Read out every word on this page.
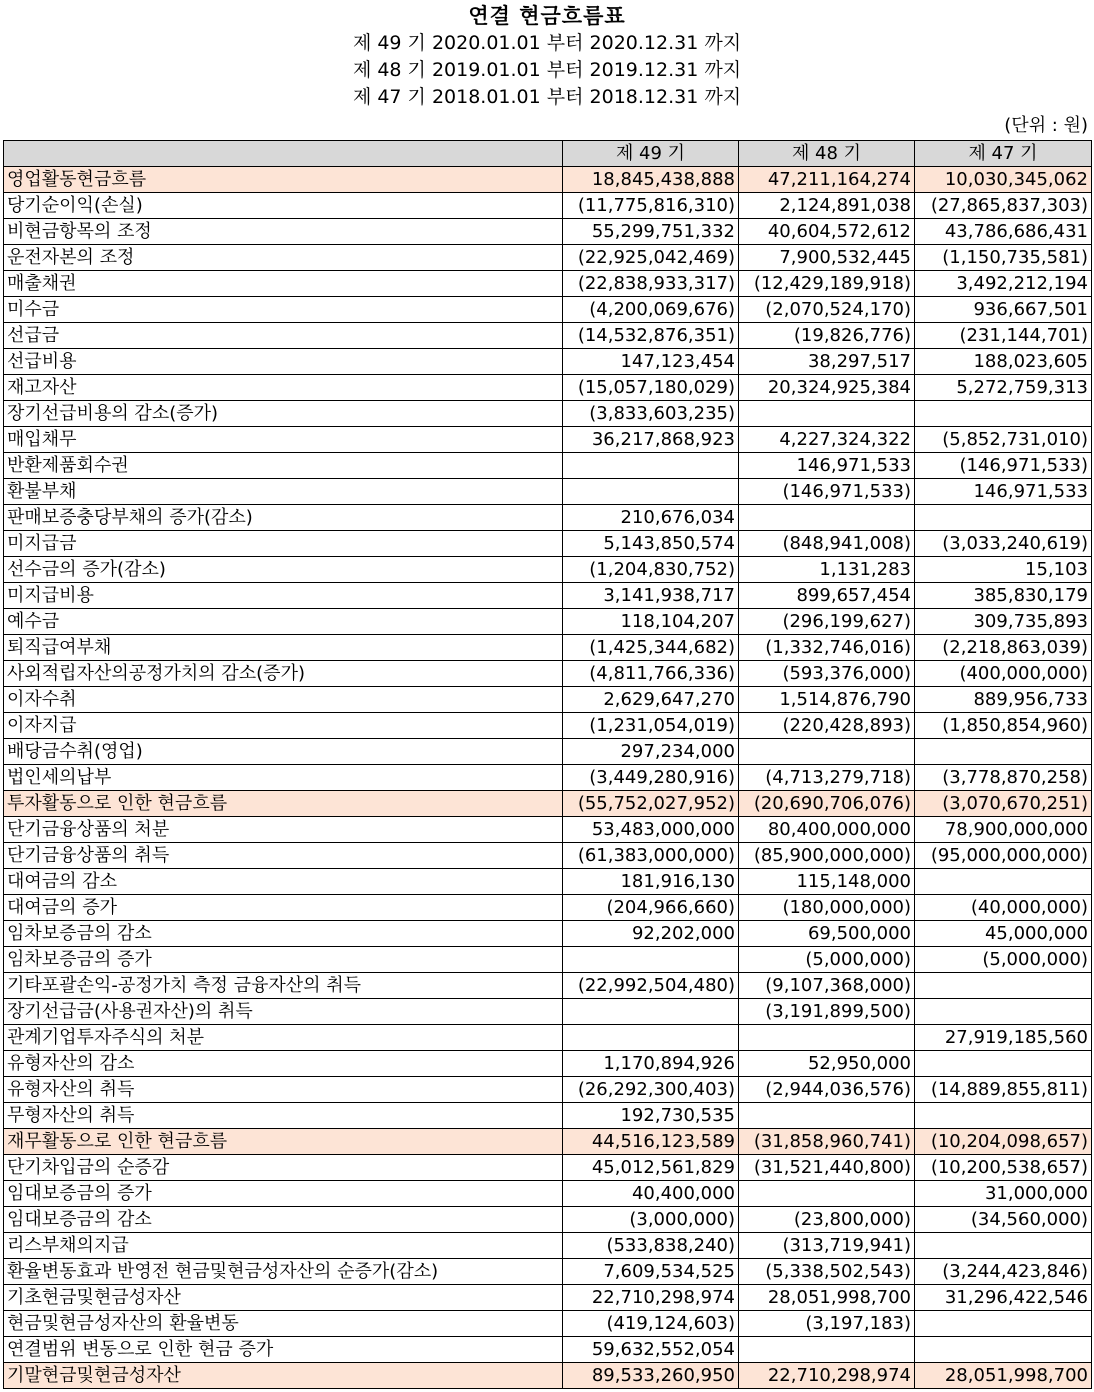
연결 현금흐름표
제 49 기 2020.01.01 부터 2020.12.31 까지
제 48 기 2019.01.01 부터 2019.12.31 까지
제 47 기 2018.01.01 부터 2018.12.31 까지
(단위 : 원)
	제 49 기	제 48 기	제 47 기
영업활동현금흐름	18,845,438,888	47,211,164,274	10,030,345,062
당기순이익(손실)	(11,775,816,310)	2,124,891,038	(27,865,837,303)
비현금항목의 조정	55,299,751,332	40,604,572,612	43,786,686,431
운전자본의 조정	(22,925,042,469)	7,900,532,445	(1,150,735,581)
매출채권	(22,838,933,317)	(12,429,189,918)	3,492,212,194
미수금	(4,200,069,676)	(2,070,524,170)	936,667,501
선급금	(14,532,876,351)	(19,826,776)	(231,144,701)
선급비용	147,123,454	38,297,517	188,023,605
재고자산	(15,057,180,029)	20,324,925,384	5,272,759,313
장기선급비용의 감소(증가)	(3,833,603,235)		
매입채무	36,217,868,923	4,227,324,322	(5,852,731,010)
반환제품회수권		146,971,533	(146,971,533)
환불부채		(146,971,533)	146,971,533
판매보증충당부채의 증가(감소)	210,676,034		
미지급금	5,143,850,574	(848,941,008)	(3,033,240,619)
선수금의 증가(감소)	(1,204,830,752)	1,131,283	15,103
미지급비용	3,141,938,717	899,657,454	385,830,179
예수금	118,104,207	(296,199,627)	309,735,893
퇴직급여부채	(1,425,344,682)	(1,332,746,016)	(2,218,863,039)
사외적립자산의공정가치의 감소(증가)	(4,811,766,336)	(593,376,000)	(400,000,000)
이자수취	2,629,647,270	1,514,876,790	889,956,733
이자지급	(1,231,054,019)	(220,428,893)	(1,850,854,960)
배당금수취(영업)	297,234,000		
법인세의납부	(3,449,280,916)	(4,713,279,718)	(3,778,870,258)
투자활동으로 인한 현금흐름	(55,752,027,952)	(20,690,706,076)	(3,070,670,251)
단기금융상품의 처분	53,483,000,000	80,400,000,000	78,900,000,000
단기금융상품의 취득	(61,383,000,000)	(85,900,000,000)	(95,000,000,000)
대여금의 감소	181,916,130	115,148,000	
대여금의 증가	(204,966,660)	(180,000,000)	(40,000,000)
임차보증금의 감소	92,202,000	69,500,000	45,000,000
임차보증금의 증가		(5,000,000)	(5,000,000)
기타포괄손익-공정가치 측정 금융자산의 취득	(22,992,504,480)	(9,107,368,000)	
장기선급금(사용권자산)의 취득		(3,191,899,500)	
관계기업투자주식의 처분			27,919,185,560
유형자산의 감소	1,170,894,926	52,950,000	
유형자산의 취득	(26,292,300,403)	(2,944,036,576)	(14,889,855,811)
무형자산의 취득	192,730,535		
재무활동으로 인한 현금흐름	44,516,123,589	(31,858,960,741)	(10,204,098,657)
단기차입금의 순증감	45,012,561,829	(31,521,440,800)	(10,200,538,657)
임대보증금의 증가	40,400,000		31,000,000
임대보증금의 감소	(3,000,000)	(23,800,000)	(34,560,000)
리스부채의지급	(533,838,240)	(313,719,941)	
환율변동효과 반영전 현금및현금성자산의 순증가(감소)	7,609,534,525	(5,338,502,543)	(3,244,423,846)
기초현금및현금성자산	22,710,298,974	28,051,998,700	31,296,422,546
현금및현금성자산의 환율변동	(419,124,603)	(3,197,183)	
연결범위 변동으로 인한 현금 증가	59,632,552,054		
기말현금및현금성자산	89,533,260,950	22,710,298,974	28,051,998,700
